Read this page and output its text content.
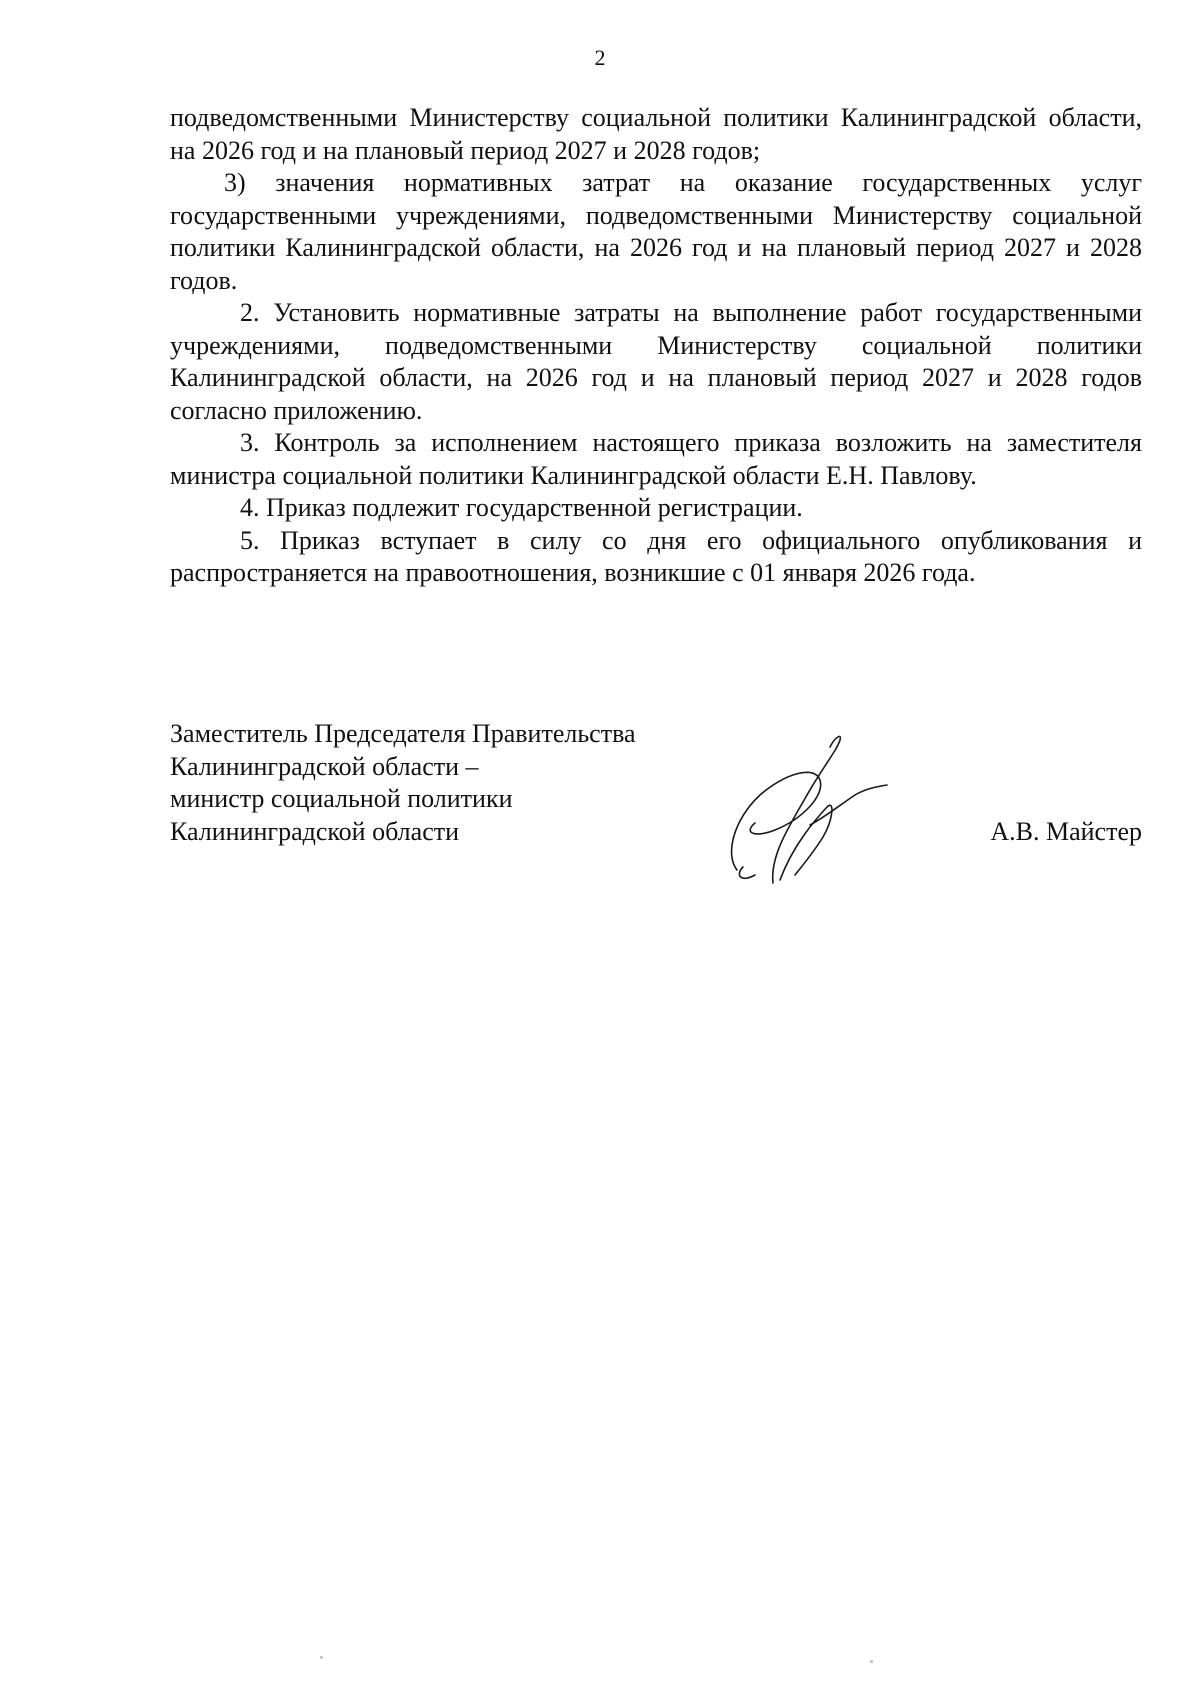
2

подведомственными Министерству социальной политики Калининградской области, на 2026 год и на плановый период 2027 и 2028 годов;

3) значения нормативных затрат на оказание государственных услуг государственными учреждениями, подведомственными Министерству социальной политики Калининградской области, на 2026 год и на плановый период 2027 и 2028 годов.

2. Установить нормативные затраты на выполнение работ государственными учреждениями, подведомственными Министерству социальной политики Калининградской области, на 2026 год и на плановый период 2027 и 2028 годов согласно приложению.

3. Контроль за исполнением настоящего приказа возложить на заместителя министра социальной политики Калининградской области Е.Н. Павлову.

4. Приказ подлежит государственной регистрации.

5. Приказ вступает в силу со дня его официального опубликования и распространяется на правоотношения, возникшие с 01 января 2026 года.

Заместитель Председателя Правительства
Калининградской области –
министр социальной политики
Калининградской области	А.В. Майстер
